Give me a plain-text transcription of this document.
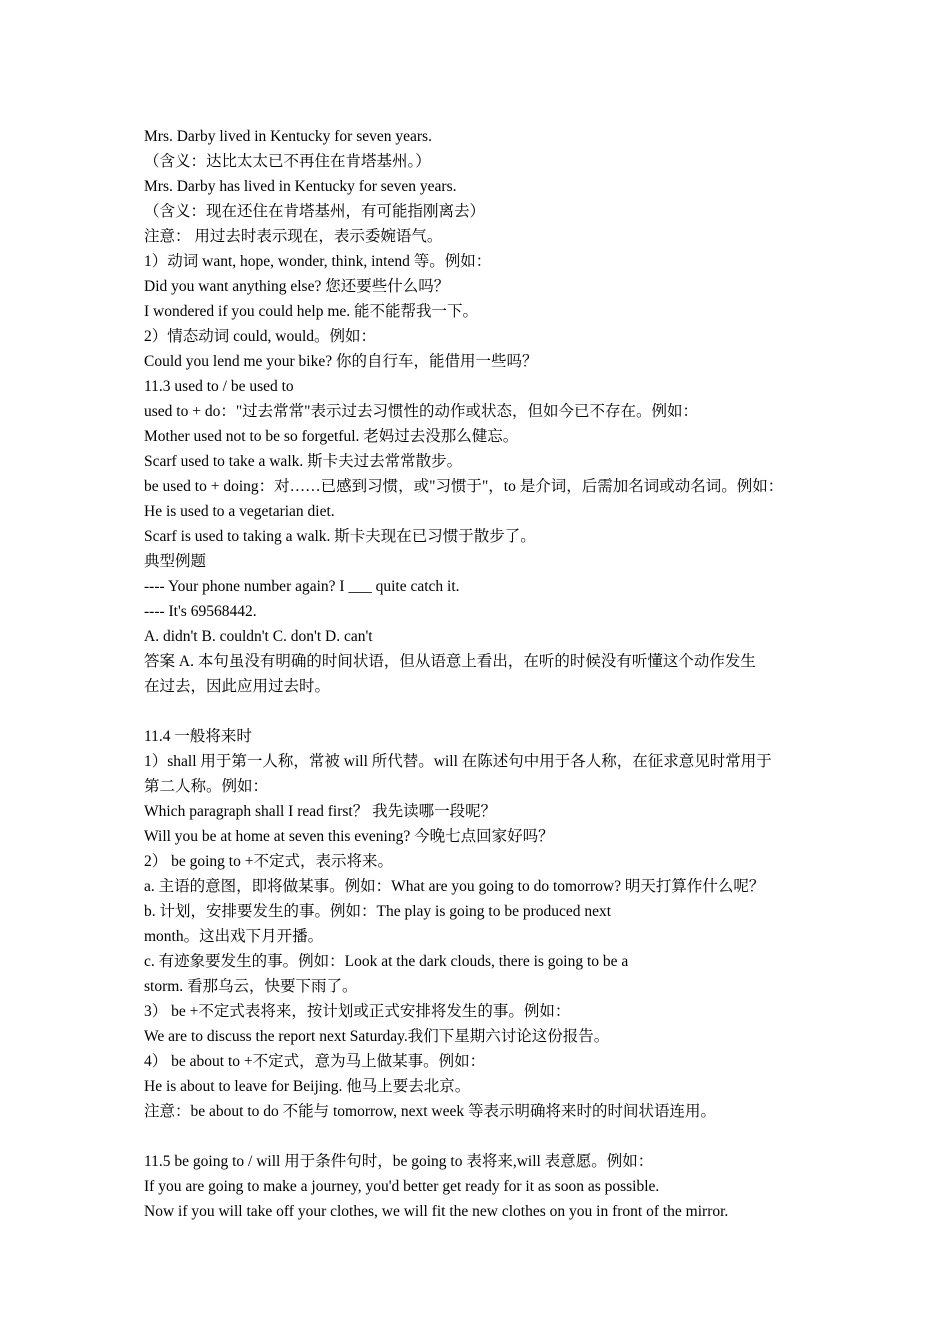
Mrs. Darby lived in Kentucky for seven years.
（含义：达比太太已不再住在肯塔基州。）
Mrs. Darby has lived in Kentucky for seven years.
（含义：现在还住在肯塔基州，有可能指刚离去）
注意： 用过去时表示现在，表示委婉语气。
1）动词 want, hope, wonder, think, intend 等。例如：
Did you want anything else? 您还要些什么吗？
I wondered if you could help me. 能不能帮我一下。
2）情态动词 could, would。例如：
Could you lend me your bike? 你的自行车，能借用一些吗？
11.3 used to / be used to
used to + do："过去常常"表示过去习惯性的动作或状态，但如今已不存在。例如：
Mother used not to be so forgetful. 老妈过去没那么健忘。
Scarf used to take a walk. 斯卡夫过去常常散步。
be used to + doing：对……已感到习惯，或"习惯于"，to 是介词，后需加名词或动名词。例如：
He is used to a vegetarian diet.
Scarf is used to taking a walk. 斯卡夫现在已习惯于散步了。
典型例题
---- Your phone number again? I ___ quite catch it.
---- It's 69568442.
A. didn't B. couldn't C. don't D. can't
答案 A. 本句虽没有明确的时间状语，但从语意上看出，在听的时候没有听懂这个动作发生
在过去，因此应用过去时。
11.4 一般将来时
1）shall 用于第一人称，常被 will 所代替。will 在陈述句中用于各人称，在征求意见时常用于
第二人称。例如：
Which paragraph shall I read first？ 我先读哪一段呢？
Will you be at home at seven this evening? 今晚七点回家好吗？
2） be going to +不定式，表示将来。
a. 主语的意图，即将做某事。例如：What are you going to do tomorrow? 明天打算作什么呢？
b. 计划，安排要发生的事。例如：The play is going to be produced next
month。这出戏下月开播。
c. 有迹象要发生的事。例如：Look at the dark clouds, there is going to be a
storm. 看那乌云，快要下雨了。
3） be +不定式表将来，按计划或正式安排将发生的事。例如：
We are to discuss the report next Saturday.我们下星期六讨论这份报告。
4） be about to +不定式，意为马上做某事。例如：
He is about to leave for Beijing. 他马上要去北京。
注意：be about to do 不能与 tomorrow, next week 等表示明确将来时的时间状语连用。
11.5 be going to / will 用于条件句时，be going to 表将来,will 表意愿。例如：
If you are going to make a journey, you'd better get ready for it as soon as possible.
Now if you will take off your clothes, we will fit the new clothes on you in front of the mirror.
